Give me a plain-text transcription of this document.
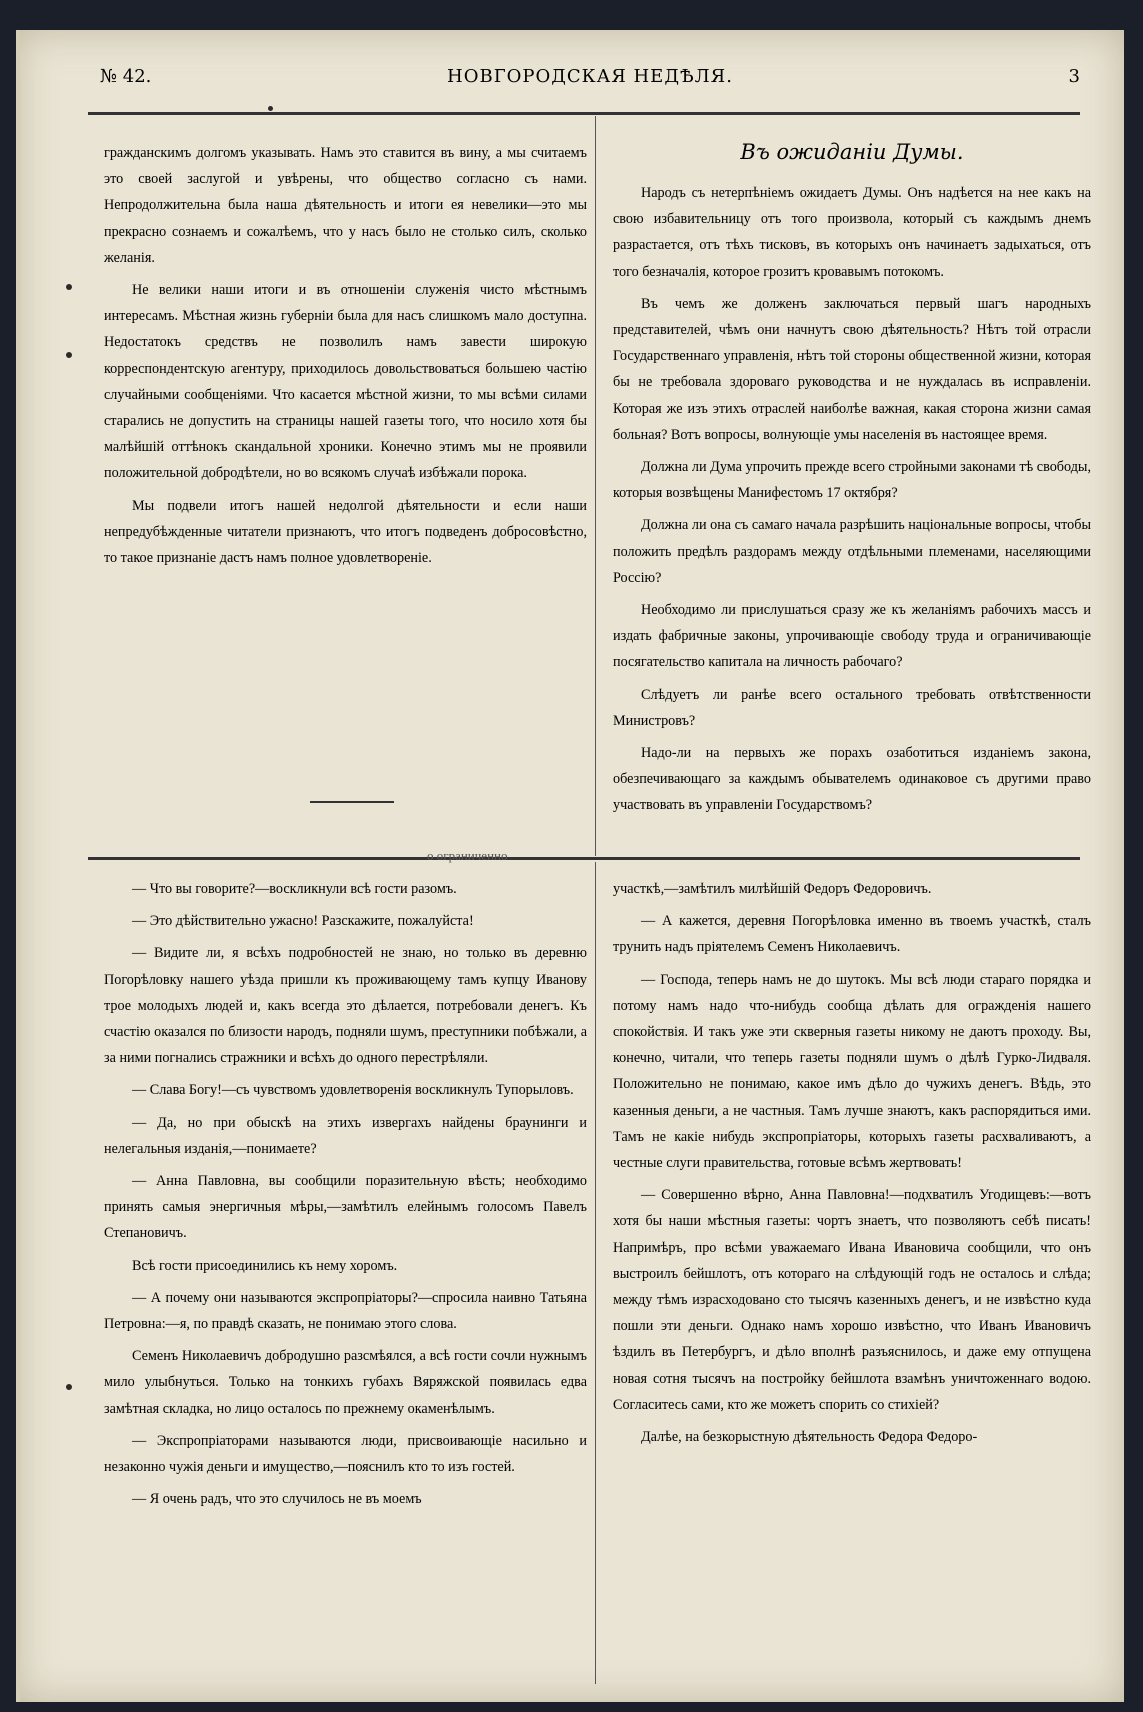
№ 42.	НОВГОРОДСКАЯ НЕДѢЛЯ.	3

гражданскимъ долгомъ указывать. Намъ это ставится въ вину, а мы считаемъ это своей заслугой и увѣрены, что общество согласно съ нами. Непродолжительна была наша дѣятельность и итоги ея невелики—это мы прекрасно сознаемъ и сожалѣемъ, что у насъ было не столько силъ, сколько желанія.

Не велики наши итоги и въ отношеніи служенія чисто мѣстнымъ интересамъ. Мѣстная жизнь губерніи была для насъ слишкомъ мало доступна. Недостатокъ средствъ не позволилъ намъ завести широкую корреспондентскую агентуру, приходилось довольствоваться большею частію случайными сообщеніями. Что касается мѣстной жизни, то мы всѣми силами старались не допустить на страницы нашей газеты того, что носило хотя бы малѣйшій оттѣнокъ скандальной хроники. Конечно этимъ мы не проявили положительной добродѣтели, но во всякомъ случаѣ избѣжали порока.

Мы подвели итогъ нашей недолгой дѣятельности и если наши непредубѣжденные читатели признаютъ, что итогъ подведенъ добросовѣстно, то такое признаніе дастъ намъ полное удовлетвореніе.

о ограниченно
Въ ожиданіи Думы.

Народъ съ нетерпѣніемъ ожидаетъ Думы. Онъ надѣется на нее какъ на свою избавительницу отъ того произвола, который съ каждымъ днемъ разрастается, отъ тѣхъ тисковъ, въ которыхъ онъ начинаетъ задыхаться, отъ того безначалія, которое грозитъ кровавымъ потокомъ.

Въ чемъ же долженъ заключаться первый шагъ народныхъ представителей, чѣмъ они начнутъ свою дѣятельность? Нѣтъ той отрасли Государственнаго управленія, нѣтъ той стороны общественной жизни, которая бы не требовала здороваго руководства и не нуждалась въ исправленіи. Которая же изъ этихъ отраслей наиболѣе важная, какая сторона жизни самая больная? Вотъ вопросы, волнующіе умы населенія въ настоящее время.

Должна ли Дума упрочить прежде всего стройными законами тѣ свободы, которыя возвѣщены Манифестомъ 17 октября?

Должна ли она съ самаго начала разрѣшить національные вопросы, чтобы положить предѣлъ раздорамъ между отдѣльными племенами, населяющими Россію?

Необходимо ли прислушаться сразу же къ желаніямъ рабочихъ массъ и издать фабричные законы, упрочивающіе свободу труда и ограничивающіе посягательство капитала на личность рабочаго?

Слѣдуетъ ли ранѣе всего остального требовать отвѣтственности Министровъ?

Надо-ли на первыхъ же порахъ озаботиться изданіемъ закона, обезпечивающаго за каждымъ обывателемъ одинаковое съ другими право участвовать въ управленіи Государствомъ?

— Что вы говорите?—воскликнули всѣ гости разомъ.

— Это дѣйствительно ужасно! Разскажите, пожалуйста!

— Видите ли, я всѣхъ подробностей не знаю, но только въ деревню Погорѣловку нашего уѣзда пришли къ проживающему тамъ купцу Иванову трое молодыхъ людей и, какъ всегда это дѣлается, потребовали денегъ. Къ счастію оказался по близости народъ, подняли шумъ, преступники побѣжали, а за ними погнались стражники и всѣхъ до одного перестрѣляли.

— Слава Богу!—съ чувствомъ удовлетворенія воскликнулъ Тупорыловъ.

— Да, но при обыскѣ на этихъ извергахъ найдены браунинги и нелегальныя изданія,—понимаете?

— Анна Павловна, вы сообщили поразительную вѣсть; необходимо принять самыя энергичныя мѣры,—замѣтилъ елейнымъ голосомъ Павелъ Степановичъ.

Всѣ гости присоединились къ нему хоромъ.

— А почему они называются экспропріаторы?—спросила наивно Татьяна Петровна:—я, по правдѣ сказать, не понимаю этого слова.

Семенъ Николаевичъ добродушно разсмѣялся, а всѣ гости сочли нужнымъ мило улыбнуться. Только на тонкихъ губахъ Вяряжской появилась едва замѣтная складка, но лицо осталось по прежнему окаменѣлымъ.

— Экспропріаторами называются люди, присвоивающіе насильно и незаконно чужія деньги и имущество,—пояснилъ кто то изъ гостей.

— Я очень радъ, что это случилось не въ моемъ

участкѣ,—замѣтилъ милѣйшій Федоръ Федоровичъ.

— А кажется, деревня Погорѣловка именно въ твоемъ участкѣ, сталъ трунить надъ пріятелемъ Семенъ Николаевичъ.

— Господа, теперь намъ не до шутокъ. Мы всѣ люди стараго порядка и потому намъ надо что-нибудь сообща дѣлать для огражденія нашего спокойствія. И такъ уже эти скверныя газеты никому не даютъ проходу. Вы, конечно, читали, что теперь газеты подняли шумъ о дѣлѣ Гурко-Лидваля. Положительно не понимаю, какое имъ дѣло до чужихъ денегъ. Вѣдь, это казенныя деньги, а не частныя. Тамъ лучше знаютъ, какъ распорядиться ими. Тамъ не какіе нибудь экспропріаторы, которыхъ газеты расхваливаютъ, а честные слуги правительства, готовые всѣмъ жертвовать!

— Совершенно вѣрно, Анна Павловна!—подхватилъ Угодищевъ:—вотъ хотя бы наши мѣстныя газеты: чортъ знаетъ, что позволяютъ себѣ писать! Напримѣръ, про всѣми уважаемаго Ивана Ивановича сообщили, что онъ выстроилъ бейшлотъ, отъ котораго на слѣдующій годъ не осталось и слѣда; между тѣмъ израсходовано сто тысячъ казенныхъ денегъ, и не извѣстно куда пошли эти деньги. Однако намъ хорошо извѣстно, что Иванъ Ивановичъ ѣздилъ въ Петербургъ, и дѣло вполнѣ разъяснилось, и даже ему отпущена новая сотня тысячъ на постройку бейшлота взамѣнъ уничтоженнаго водою. Согласитесь сами, кто же можетъ спорить со стихіей?

Далѣе, на безкорыстную дѣятельность Федора Федоро-
